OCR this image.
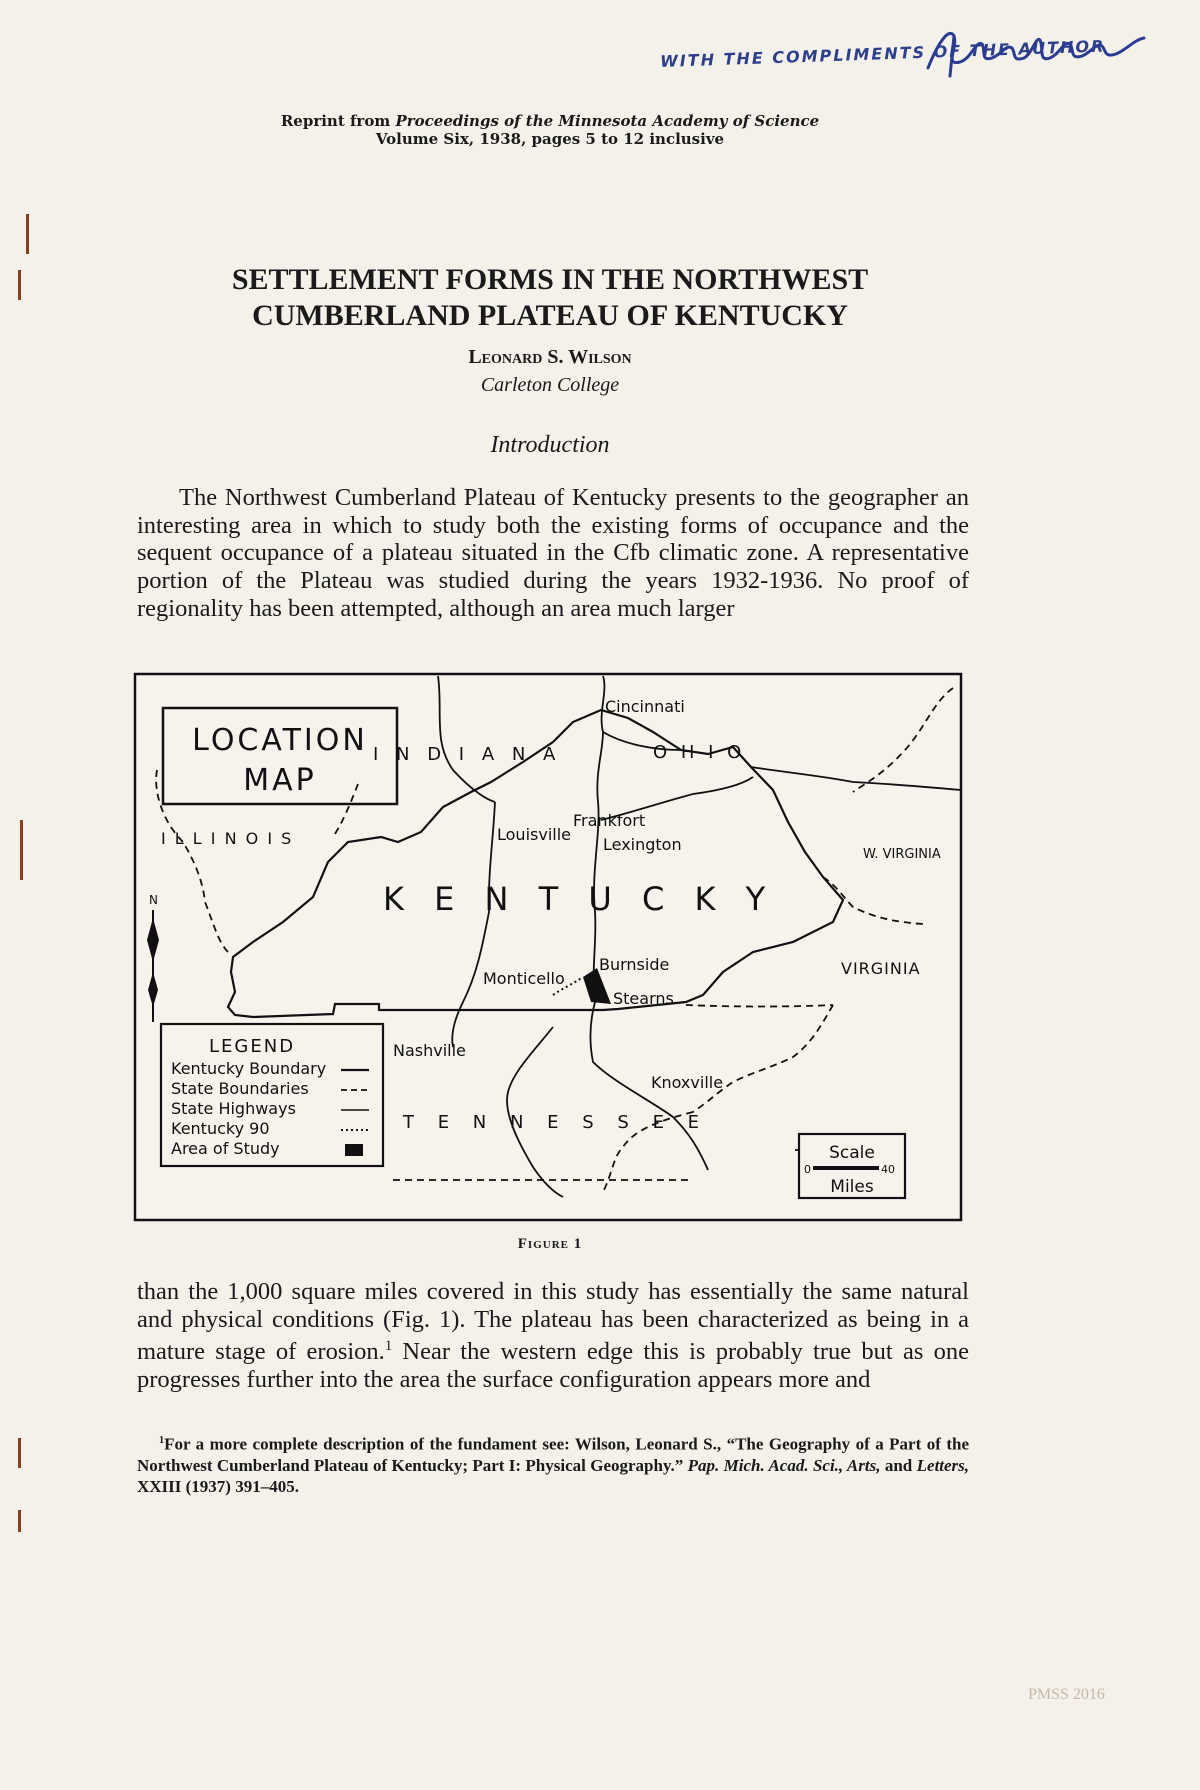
WITH THE COMPLIMENTS OF THE AUTHOR
Reprint from Proceedings of the Minnesota Academy of Science
Volume Six, 1938, pages 5 to 12 inclusive
SETTLEMENT FORMS IN THE NORTHWEST
CUMBERLAND PLATEAU OF KENTUCKY
Leonard S. Wilson
Carleton College
Introduction
The Northwest Cumberland Plateau of Kentucky presents to the geographer an interesting area in which to study both the existing forms of occupance and the sequent occupance of a plateau situated in the Cfb climatic zone. A representative portion of the Plateau was studied during the years 1932-1936. No proof of regionality has been attempted, although an area much larger
LOCATION
MAP
I N D I A N A	O H I O
I L L I N O I S
K E N T U C K Y
W. VIRGINIA
VIRGINIA
T E N N E S S E E
Cincinnati
Louisville
Frankfort
Lexington
Burnside
Monticello
Stearns
Nashville
Knoxville
N
LEGEND
Kentucky Boundary
State Boundaries
State Highways
Kentucky 90
Area of Study	Scale
0	40
Miles
Figure 1
than the 1,000 square miles covered in this study has essentially the same natural and physical conditions (Fig. 1). The plateau has been characterized as being in a mature stage of erosion.$^1$ Near the western edge this is probably true but as one progresses further into the area the surface configuration appears more and
$^1$For a more complete description of the fundament see: Wilson, Leonard S., “The Geography of a Part of the Northwest Cumberland Plateau of Kentucky; Part I: Physical Geography.” Pap. Mich. Acad. Sci., Arts, and Letters, XXIII (1937) 391–405.
PMSS 2016
